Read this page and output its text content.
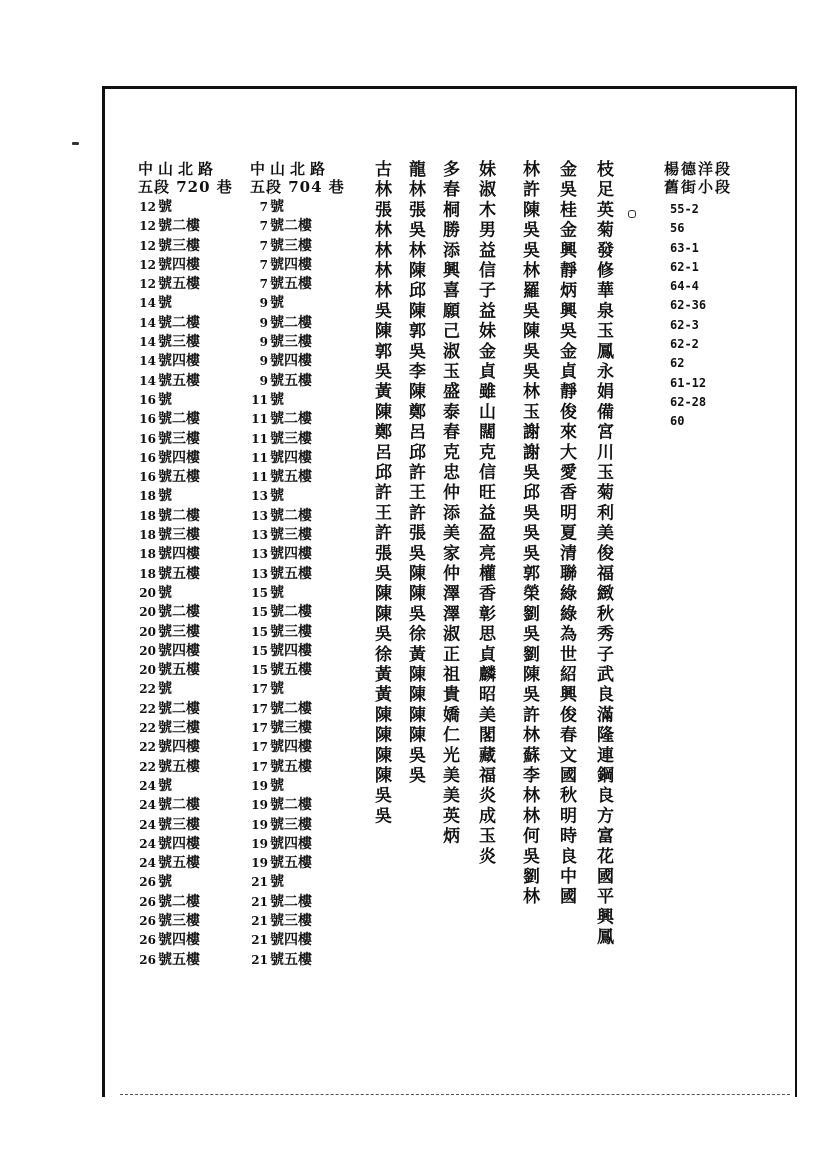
中山北路
五段 720 巷
12 號
12 號二樓
12 號三樓
12 號四樓
12 號五樓
14 號
14 號二樓
14 號三樓
14 號四樓
14 號五樓
16 號
16 號二樓
16 號三樓
16 號四樓
16 號五樓
18 號
18 號二樓
18 號三樓
18 號四樓
18 號五樓
20 號
20 號二樓
20 號三樓
20 號四樓
20 號五樓
22 號
22 號二樓
22 號三樓
22 號四樓
22 號五樓
24 號
24 號二樓
24 號三樓
24 號四樓
24 號五樓
26 號
26 號二樓
26 號三樓
26 號四樓
26 號五樓
中山北路
五段 704 巷
7 號
7 號二樓
7 號三樓
7 號四樓
7 號五樓
9 號
9 號二樓
9 號三樓
9 號四樓
9 號五樓
11 號
11 號二樓
11 號三樓
11 號四樓
11 號五樓
13 號
13 號二樓
13 號三樓
13 號四樓
13 號五樓
15 號
15 號二樓
15 號三樓
15 號四樓
15 號五樓
17 號
17 號二樓
17 號三樓
17 號四樓
17 號五樓
19 號
19 號二樓
19 號三樓
19 號四樓
19 號五樓
21 號
21 號二樓
21 號三樓
21 號四樓
21 號五樓
古林張林林林林吳陳郭吳黃陳鄭呂邱許王許張吳陳陳吳徐黃黃陳陳陳陳吳吳 龍林張吳林陳邱陳郭吳李陳鄭呂邱許王許張吳陳陳吳徐黃陳陳陳陳吳吳 多春桐勝添興喜願己淑玉盛泰春克忠仲添美家仲澤澤淑正祖貴嬌仁光美美英炳 妹淑木男益信子益妹金貞雖山闊克信旺益盈亮權香彰思貞麟昭美閣藏福炎成玉炎 林許陳吳吳林羅吳陳吳吳林玉謝謝吳邱吳吳吳郭榮劉吳劉陳吳許林蘇李林林何吳劉林 金吳桂金興靜炳興吳金貞靜俊來大愛香明夏清聯綠綠為世紹興俊春文國秋明時良中國 枝足英菊發修華泉玉鳳永娟備宮川玉菊利美俊福緻秋秀子武良滿隆連鋼良方富花國平興鳳	楊德洋段
舊街小段
55-2
56
63-1
62-1
64-4
62-36
62-3
62-2
62
61-12
62-28
60
